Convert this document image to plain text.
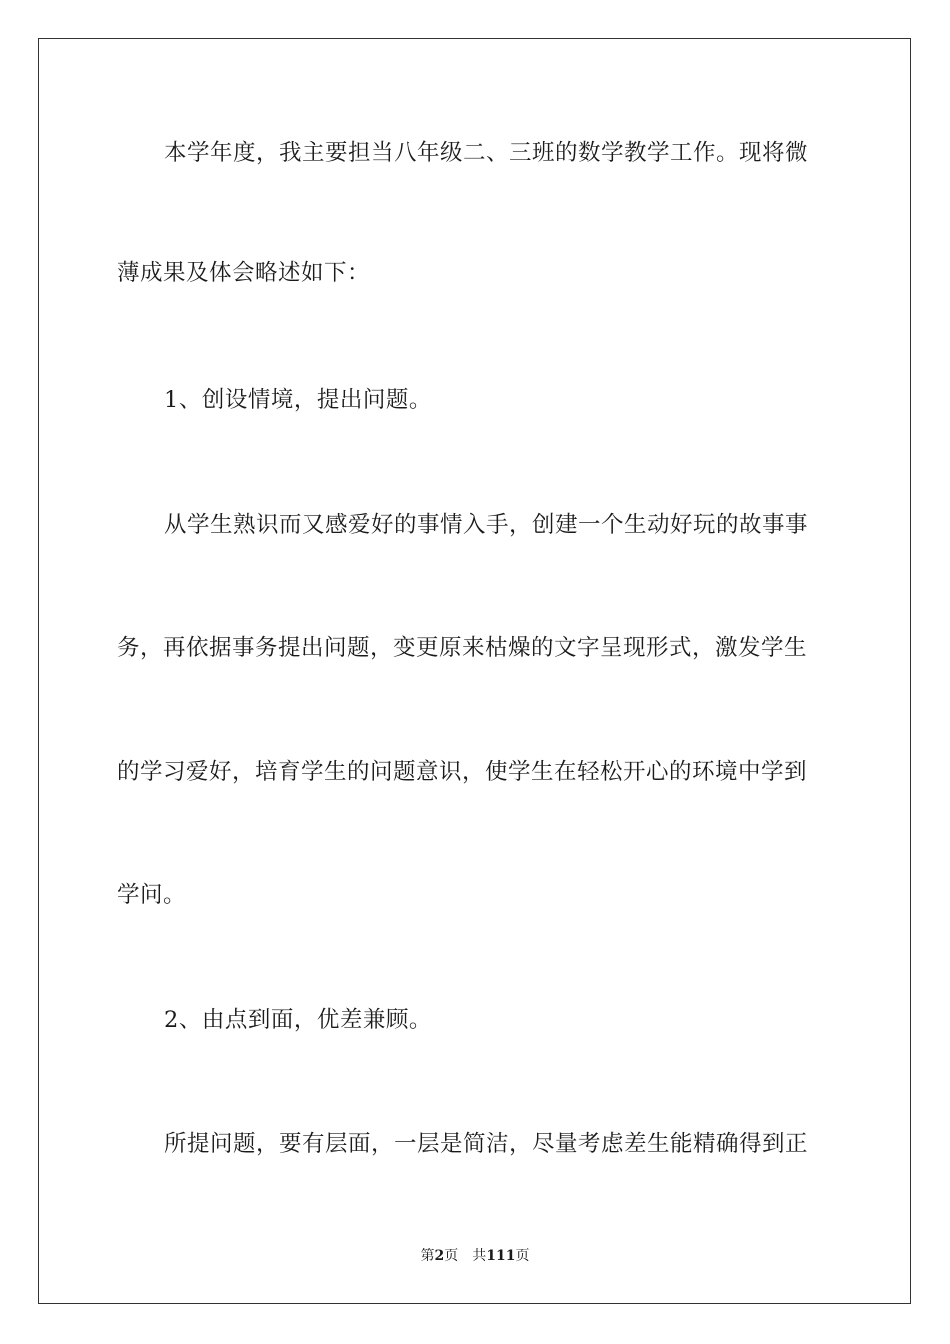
本学年度，我主要担当八年级二、三班的数学教学工作。现将微
薄成果及体会略述如下：
1、创设情境，提出问题。
从学生熟识而又感爱好的事情入手，创建一个生动好玩的故事事
务，再依据事务提出问题，变更原来枯燥的文字呈现形式，激发学生
的学习爱好，培育学生的问题意识，使学生在轻松开心的环境中学到
学问。
2、由点到面，优差兼顾。
所提问题，要有层面，一层是简洁，尽量考虑差生能精确得到正
第2页 共111页
